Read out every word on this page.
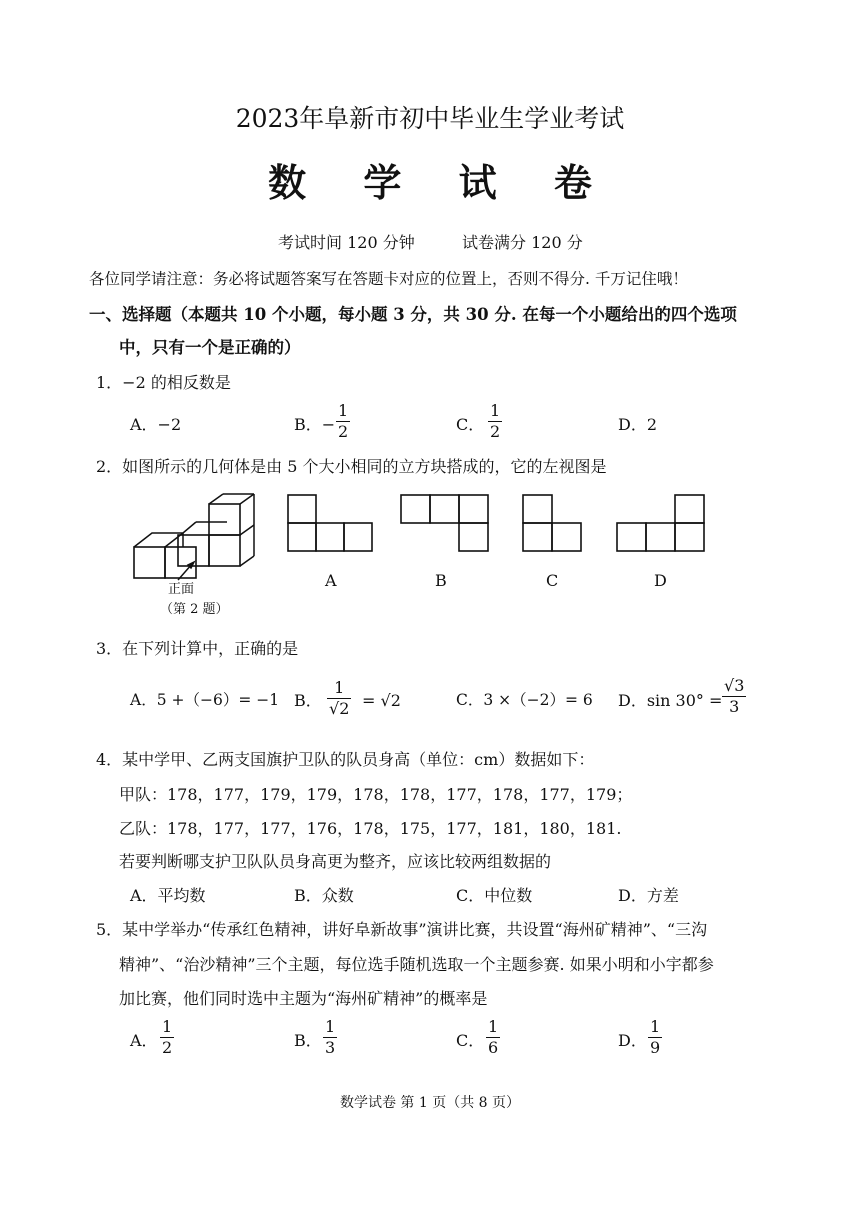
2023年阜新市初中毕业生学业考试
数 学 试 卷
考试时间 120 分钟	试卷满分 120 分
各位同学请注意：务必将试题答案写在答题卡对应的位置上，否则不得分. 千万记住哦！
一、选择题（本题共 10 个小题，每小题 3 分，共 30 分. 在每一个小题给出的四个选项
中，只有一个是正确的）
1．−2 的相反数是
A．−2	B．−
1
2	C．
1
2	D．2
2．如图所示的几何体是由 5 个大小相同的立方块搭成的，它的左视图是
正面
（第 2 题）
A	B	C	D
3．在下列计算中，正确的是
A．5 +（−6）= −1 B．
1
√2 = √2	C．3 ×（−2）= 6 D．sin 30° =
√3
3
4．某中学甲、乙两支国旗护卫队的队员身高（单位：cm）数据如下：
甲队：178，177，179，179，178，178，177，178，177，179；
乙队：178，177，177，176，178，175，177，181，180，181.
若要判断哪支护卫队队员身高更为整齐，应该比较两组数据的
A．平均数	B．众数	C．中位数	D．方差
5．某中学举办“传承红色精神，讲好阜新故事”演讲比赛，共设置“海州矿精神”、“三沟
精神”、“治沙精神”三个主题，每位选手随机选取一个主题参赛. 如果小明和小宇都参
加比赛，他们同时选中主题为“海州矿精神”的概率是
A．
1
2	B．
1
3	C．
1
6	D．
1
9
数学试卷 第 1 页（共 8 页）
